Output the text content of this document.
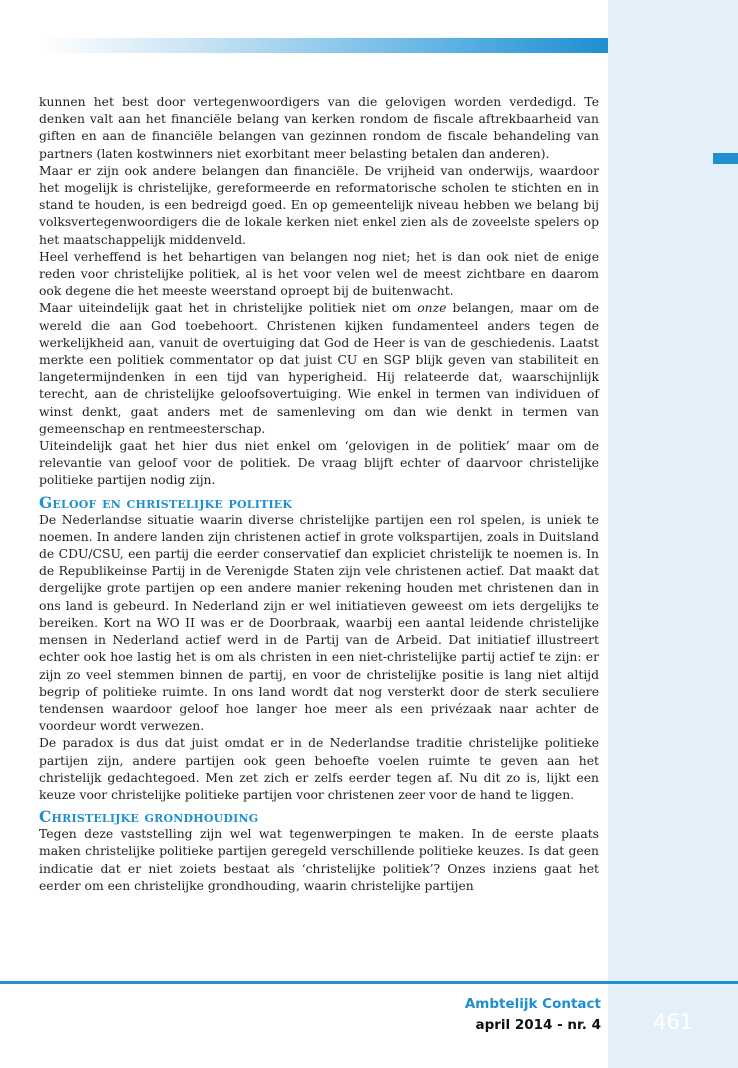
kunnen het best door vertegenwoordigers van die gelovigen worden verdedigd. Te denken valt aan het financiële belang van kerken rondom de fiscale aftrekbaarheid van giften en aan de financiële belangen van gezinnen rondom de fiscale behandeling van partners (laten kostwinners niet exorbitant meer belasting betalen dan anderen).

Maar er zijn ook andere belangen dan financiële. De vrijheid van onderwijs, waardoor het mogelijk is christelijke, gereformeerde en reformatorische scholen te stichten en in stand te houden, is een bedreigd goed. En op gemeentelijk niveau hebben we belang bij volksvertegenwoordigers die de lokale kerken niet enkel zien als de zoveelste spelers op het maatschappelijk middenveld.

Heel verheffend is het behartigen van belangen nog niet; het is dan ook niet de enige reden voor christelijke politiek, al is het voor velen wel de meest zichtbare en daarom ook degene die het meeste weerstand oproept bij de buitenwacht.

Maar uiteindelijk gaat het in christelijke politiek niet om onze belangen, maar om de wereld die aan God toebehoort. Christenen kijken fundamenteel anders tegen de werkelijkheid aan, vanuit de overtuiging dat God de Heer is van de geschiedenis. Laatst merkte een politiek commentator op dat juist CU en SGP blijk geven van stabiliteit en langetermijndenken in een tijd van hyperigheid. Hij relateerde dat, waarschijnlijk terecht, aan de christelijke geloofsovertuiging. Wie enkel in termen van individuen of winst denkt, gaat anders met de samenleving om dan wie denkt in termen van gemeenschap en rentmeesterschap.

Uiteindelijk gaat het hier dus niet enkel om ‘gelovigen in de politiek’ maar om de relevantie van geloof voor de politiek. De vraag blijft echter of daarvoor christelijke politieke partijen nodig zijn.

Geloof en christelijke politiek

De Nederlandse situatie waarin diverse christelijke partijen een rol spelen, is uniek te noemen. In andere landen zijn christenen actief in grote volkspartijen, zoals in Duitsland de CDU/CSU, een partij die eerder conservatief dan expliciet christelijk te noemen is. In de Republikeinse Partij in de Verenigde Staten zijn vele christenen actief. Dat maakt dat dergelijke grote partijen op een andere manier rekening houden met christenen dan in ons land is gebeurd. In Nederland zijn er wel initiatieven geweest om iets dergelijks te bereiken. Kort na WO II was er de Doorbraak, waarbij een aantal leidende christelijke mensen in Nederland actief werd in de Partij van de Arbeid. Dat initiatief illustreert echter ook hoe lastig het is om als christen in een niet-christelijke partij actief te zijn: er zijn zo veel stemmen binnen de partij, en voor de christelijke positie is lang niet altijd begrip of politieke ruimte. In ons land wordt dat nog versterkt door de sterk seculiere tendensen waardoor geloof hoe langer hoe meer als een privézaak naar achter de voordeur wordt verwezen.

De paradox is dus dat juist omdat er in de Nederlandse traditie christelijke politieke partijen zijn, andere partijen ook geen behoefte voelen ruimte te geven aan het christelijk gedachtegoed. Men zet zich er zelfs eerder tegen af. Nu dit zo is, lijkt een keuze voor christelijke politieke partijen voor christenen zeer voor de hand te liggen.

Christelijke grondhouding

Tegen deze vaststelling zijn wel wat tegenwerpingen te maken. In de eerste plaats maken christelijke politieke partijen geregeld verschillende politieke keuzes. Is dat geen indicatie dat er niet zoiets bestaat als ‘christelijke politiek’? Onzes inziens gaat het eerder om een christelijke grondhouding, waarin christelijke partijen

Ambtelijk Contact
april 2014 - nr. 4	461
